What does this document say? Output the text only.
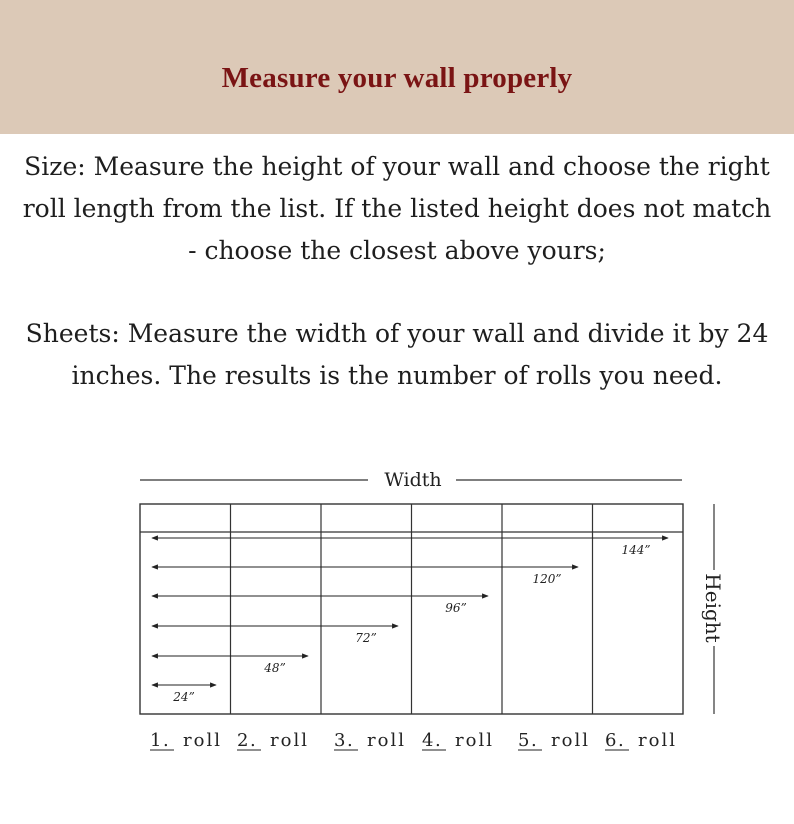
Measure your wall properly

Size: Measure the height of your wall and choose the right roll length from the list. If the listed height does not match - choose the closest above yours;

Sheets: Measure the width of your wall and divide it by 24 inches. The results is the number of rolls you need.

Width
24”
48”
72”
96”
120”
144”
Height
1. roll 2. roll 3. roll 4. roll 5. roll 6. roll
